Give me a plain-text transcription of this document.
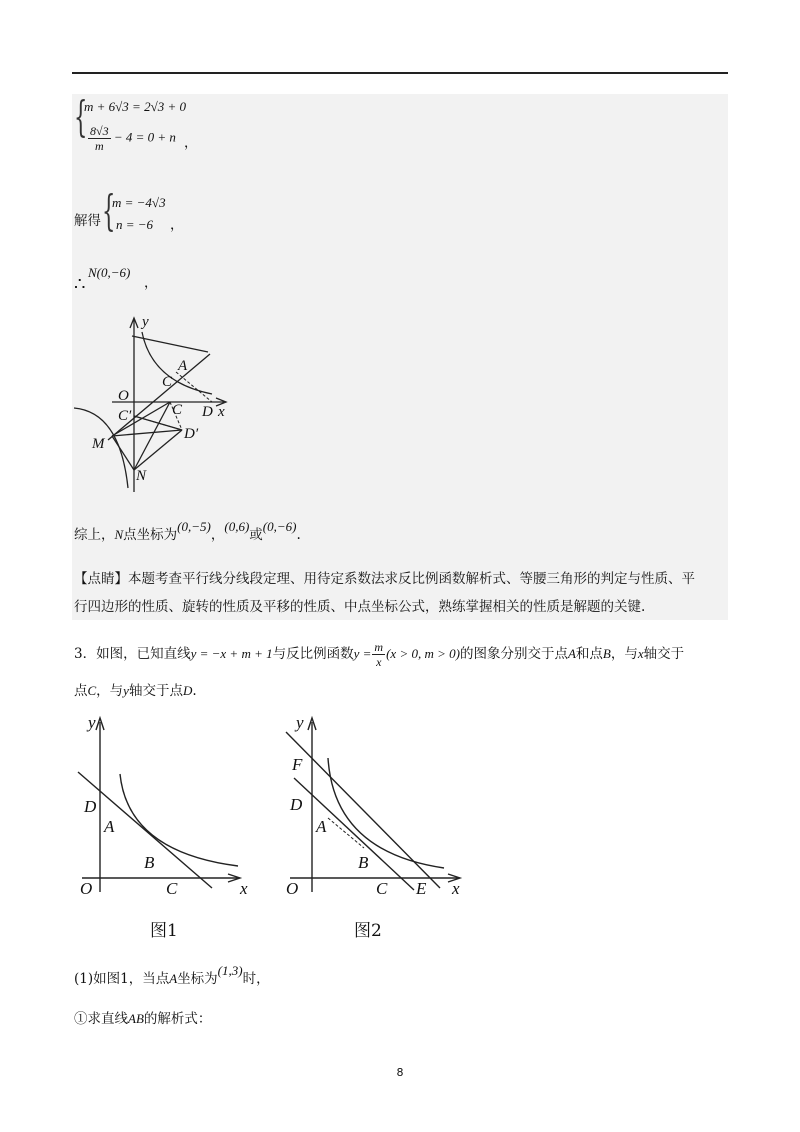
{
m + 6√3 = 2√3 + 0
$\frac{8√3}{m} - 4 = 0 + n$ ，
解得 {
m = −4√3
n = −6 ，
∴
N(0,−6)
，
y
x
O
A
C
C
C′	D
D′
M
N
综上，N点坐标为(0,−5)，(0,6)或(0,−6).
【点睛】本题考查平行线分线段定理、用待定系数法求反比例函数解析式、等腰三角形的判定与性质、平
行四边形的性质、旋转的性质及平移的性质、中点坐标公式，熟练掌握相关的性质是解题的关键.
3．如图，已知直线y = −x + m + 1与反比例函数$y = \frac{m}{x} (x > 0$, m > 0)的图象分别交于点A和点B，与x轴交于
点C，与y轴交于点D.
y
x
O
D
A
B
C
图1
y
x
O
F
D
A
B
C E
图2
(1)如图1，当点A坐标为(1,3)时，
①求直线AB的解析式：
8
